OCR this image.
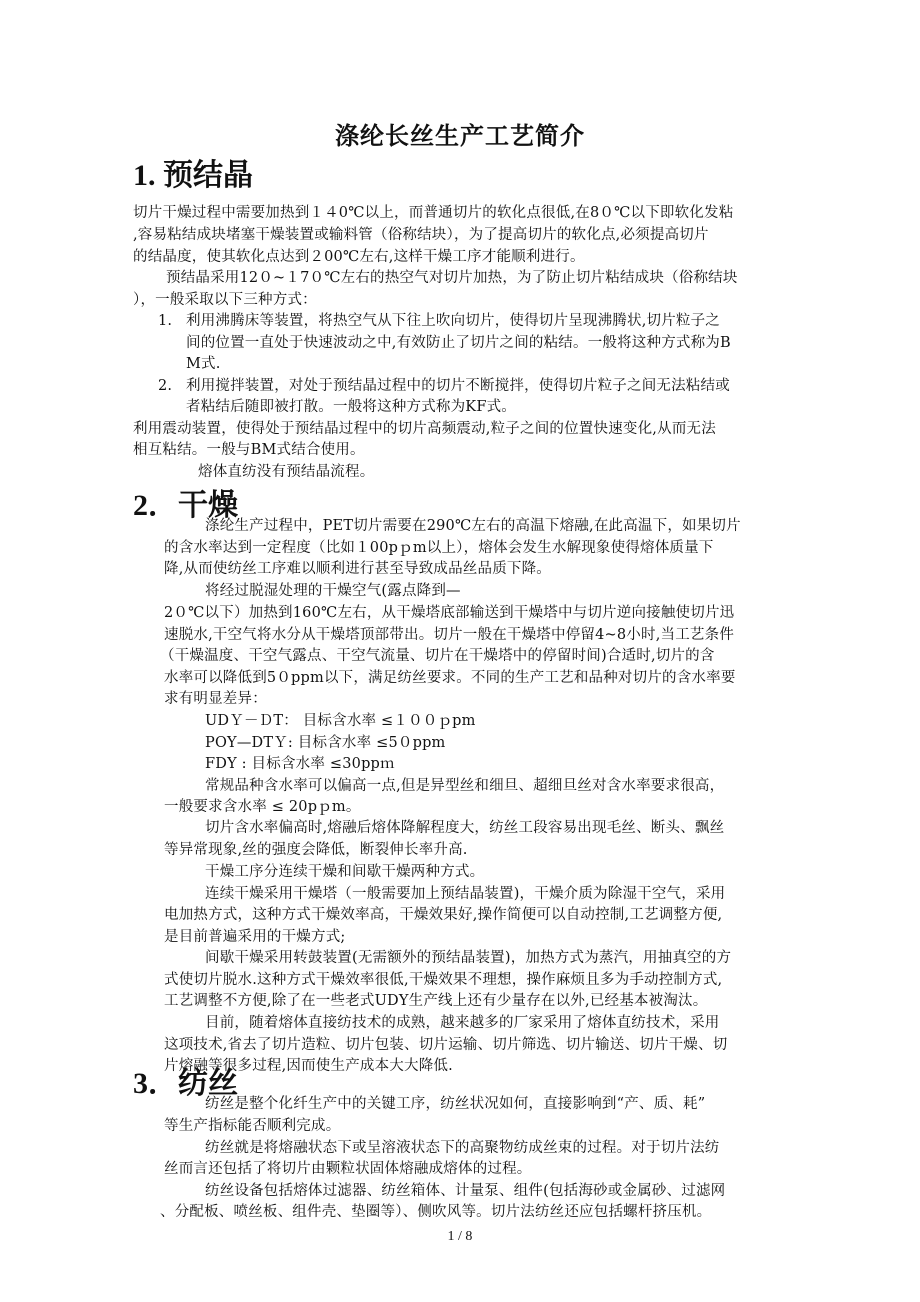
涤纶长丝生产工艺简介
1. 预结晶
切片干燥过程中需要加热到１４0℃以上，而普通切片的软化点很低,在8０℃以下即软化发粘
,容易粘结成块堵塞干燥装置或输料管（俗称结块），为了提高切片的软化点,必须提高切片
的结晶度，使其软化点达到２00℃左右,这样干燥工序才能顺利进行。
预结晶采用12０~１7０℃左右的热空气对切片加热，为了防止切片粘结成块（俗称结块
），一般采取以下三种方式：
1. 利用沸腾床等装置，将热空气从下往上吹向切片，使得切片呈现沸腾状,切片粒子之
间的位置一直处于快速波动之中,有效防止了切片之间的粘结。一般将这种方式称为B
M式.
2. 利用搅拌装置，对处于预结晶过程中的切片不断搅拌，使得切片粒子之间无法粘结或
者粘结后随即被打散。一般将这种方式称为KF式。
利用震动装置，使得处于预结晶过程中的切片高频震动,粒子之间的位置快速变化,从而无法
相互粘结。一般与BM式结合使用。
熔体直纺没有预结晶流程。
2．干燥
涤纶生产过程中，PET切片需要在290℃左右的高温下熔融,在此高温下，如果切片
的含水率达到一定程度（比如１00pｐm以上），熔体会发生水解现象使得熔体质量下
降,从而使纺丝工序难以顺利进行甚至导致成品丝品质下降。
将经过脱湿处理的干燥空气(露点降到—
2０℃以下）加热到160℃左右，从干燥塔底部输送到干燥塔中与切片逆向接触使切片迅
速脱水,干空气将水分从干燥塔顶部带出。切片一般在干燥塔中停留4~8小时,当工艺条件
（干燥温度、干空气露点、干空气流量、切片在干燥塔中的停留时间)合适时,切片的含
水率可以降低到5０ppm以下，满足纺丝要求。不同的生产工艺和品种对切片的含水率要
求有明显差异：
UDＹ－ＤT： 目标含水率 ≤１００ｐpm
POY—DTＹ: 目标含水率 ≤5０ppm
FDY : 目标含水率 ≤30ppｍ
常规品种含水率可以偏高一点,但是异型丝和细旦、超细旦丝对含水率要求很高，
一般要求含水率 ≤ 20pｐm。
切片含水率偏高时,熔融后熔体降解程度大，纺丝工段容易出现毛丝、断头、飘丝
等异常现象,丝的强度会降低，断裂伸长率升高.
干燥工序分连续干燥和间歇干燥两种方式。
连续干燥采用干燥塔（一般需要加上预结晶装置)，干燥介质为除湿干空气，采用
电加热方式，这种方式干燥效率高，干燥效果好,操作简便可以自动控制,工艺调整方便,
是目前普遍采用的干燥方式;
间歇干燥采用转鼓装置(无需额外的预结晶装置)，加热方式为蒸汽，用抽真空的方
式使切片脱水.这种方式干燥效率很低,干燥效果不理想，操作麻烦且多为手动控制方式,
工艺调整不方便,除了在一些老式UDY生产线上还有少量存在以外,已经基本被淘汰。
目前，随着熔体直接纺技术的成熟，越来越多的厂家采用了熔体直纺技术，采用
这项技术,省去了切片造粒、切片包装、切片运输、切片筛选、切片输送、切片干燥、切
片熔融等很多过程,因而使生产成本大大降低.
3．纺丝
纺丝是整个化纤生产中的关键工序，纺丝状况如何，直接影响到“产、质、耗”
等生产指标能否顺利完成。
纺丝就是将熔融状态下或呈溶液状态下的高聚物纺成丝束的过程。对于切片法纺
丝而言还包括了将切片由颗粒状固体熔融成熔体的过程。
纺丝设备包括熔体过滤器、纺丝箱体、计量泵、组件(包括海砂或金属砂、过滤网
、分配板、喷丝板、组件壳、垫圈等）、侧吹风等。切片法纺丝还应包括螺杆挤压机。
1 / 8
